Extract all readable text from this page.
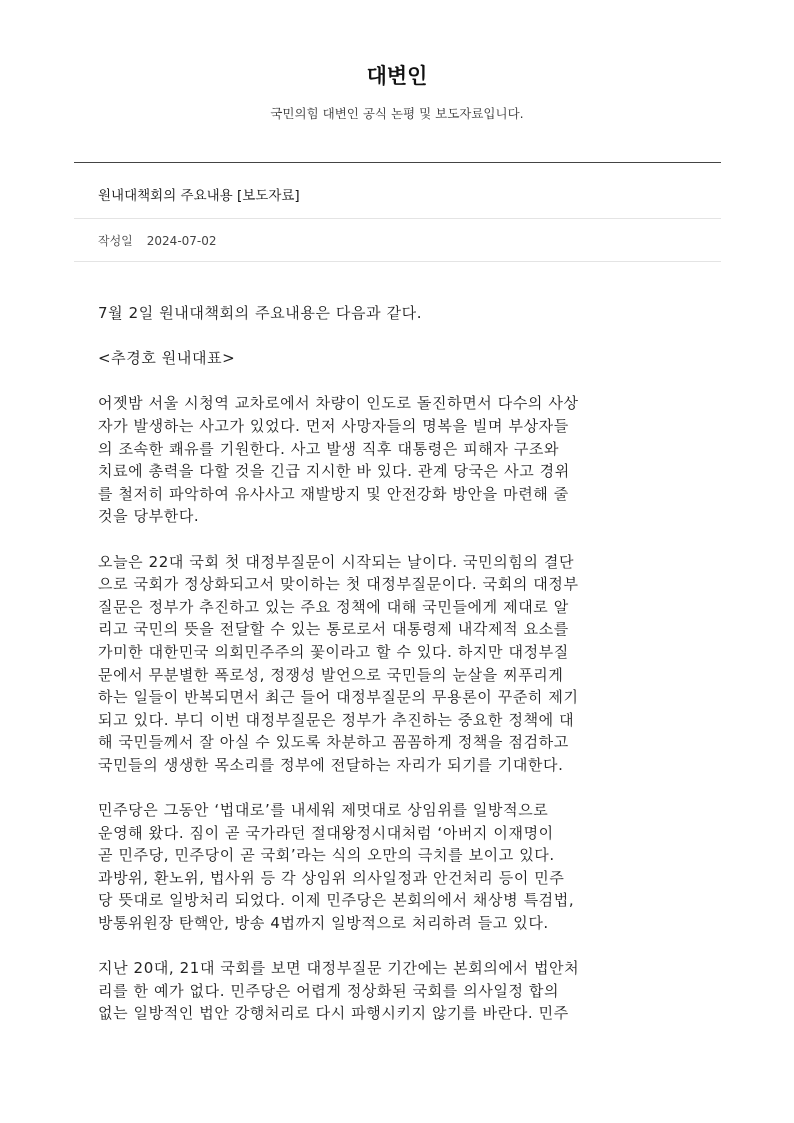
대변인
국민의힘 대변인 공식 논평 및 보도자료입니다.
원내대책회의 주요내용 [보도자료]
작성일 2024-07-02

7월 2일 원내대책회의 주요내용은 다음과 같다.

<추경호 원내대표>

어젯밤 서울 시청역 교차로에서 차량이 인도로 돌진하면서 다수의 사상
자가 발생하는 사고가 있었다. 먼저 사망자들의 명복을 빌며 부상자들
의 조속한 쾌유를 기원한다. 사고 발생 직후 대통령은 피해자 구조와
치료에 총력을 다할 것을 긴급 지시한 바 있다. 관계 당국은 사고 경위
를 철저히 파악하여 유사사고 재발방지 및 안전강화 방안을 마련해 줄
것을 당부한다.

오늘은 22대 국회 첫 대정부질문이 시작되는 날이다. 국민의힘의 결단
으로 국회가 정상화되고서 맞이하는 첫 대정부질문이다. 국회의 대정부
질문은 정부가 추진하고 있는 주요 정책에 대해 국민들에게 제대로 알
리고 국민의 뜻을 전달할 수 있는 통로로서 대통령제 내각제적 요소를
가미한 대한민국 의회민주주의 꽃이라고 할 수 있다. 하지만 대정부질
문에서 무분별한 폭로성, 정쟁성 발언으로 국민들의 눈살을 찌푸리게
하는 일들이 반복되면서 최근 들어 대정부질문의 무용론이 꾸준히 제기
되고 있다. 부디 이번 대정부질문은 정부가 추진하는 중요한 정책에 대
해 국민들께서 잘 아실 수 있도록 차분하고 꼼꼼하게 정책을 점검하고
국민들의 생생한 목소리를 정부에 전달하는 자리가 되기를 기대한다.

민주당은 그동안 ‘법대로’를 내세워 제멋대로 상임위를 일방적으로
운영해 왔다. 짐이 곧 국가라던 절대왕정시대처럼 ‘아버지 이재명이
곧 민주당, 민주당이 곧 국회’라는 식의 오만의 극치를 보이고 있다.
과방위, 환노위, 법사위 등 각 상임위 의사일정과 안건처리 등이 민주
당 뜻대로 일방처리 되었다. 이제 민주당은 본회의에서 채상병 특검법,
방통위원장 탄핵안, 방송 4법까지 일방적으로 처리하려 들고 있다.

지난 20대, 21대 국회를 보면 대정부질문 기간에는 본회의에서 법안처
리를 한 예가 없다. 민주당은 어렵게 정상화된 국회를 의사일정 합의
없는 일방적인 법안 강행처리로 다시 파행시키지 않기를 바란다. 민주
